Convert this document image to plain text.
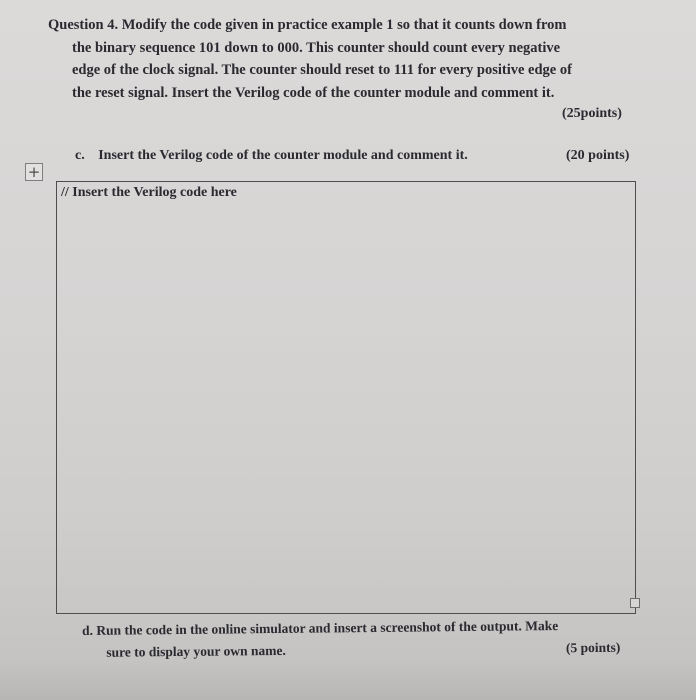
Question 4. Modify the code given in practice example 1 so that it counts down from
the binary sequence 101 down to 000. This counter should count every negative
edge of the clock signal. The counter should reset to 111 for every positive edge of
the reset signal. Insert the Verilog code of the counter module and comment it.
(25points)
c. Insert the Verilog code of the counter module and comment it.	(20 points)
+
// Insert the Verilog code here
d. Run the code in the online simulator and insert a screenshot of the output. Make
sure to display your own name.	(5 points)
